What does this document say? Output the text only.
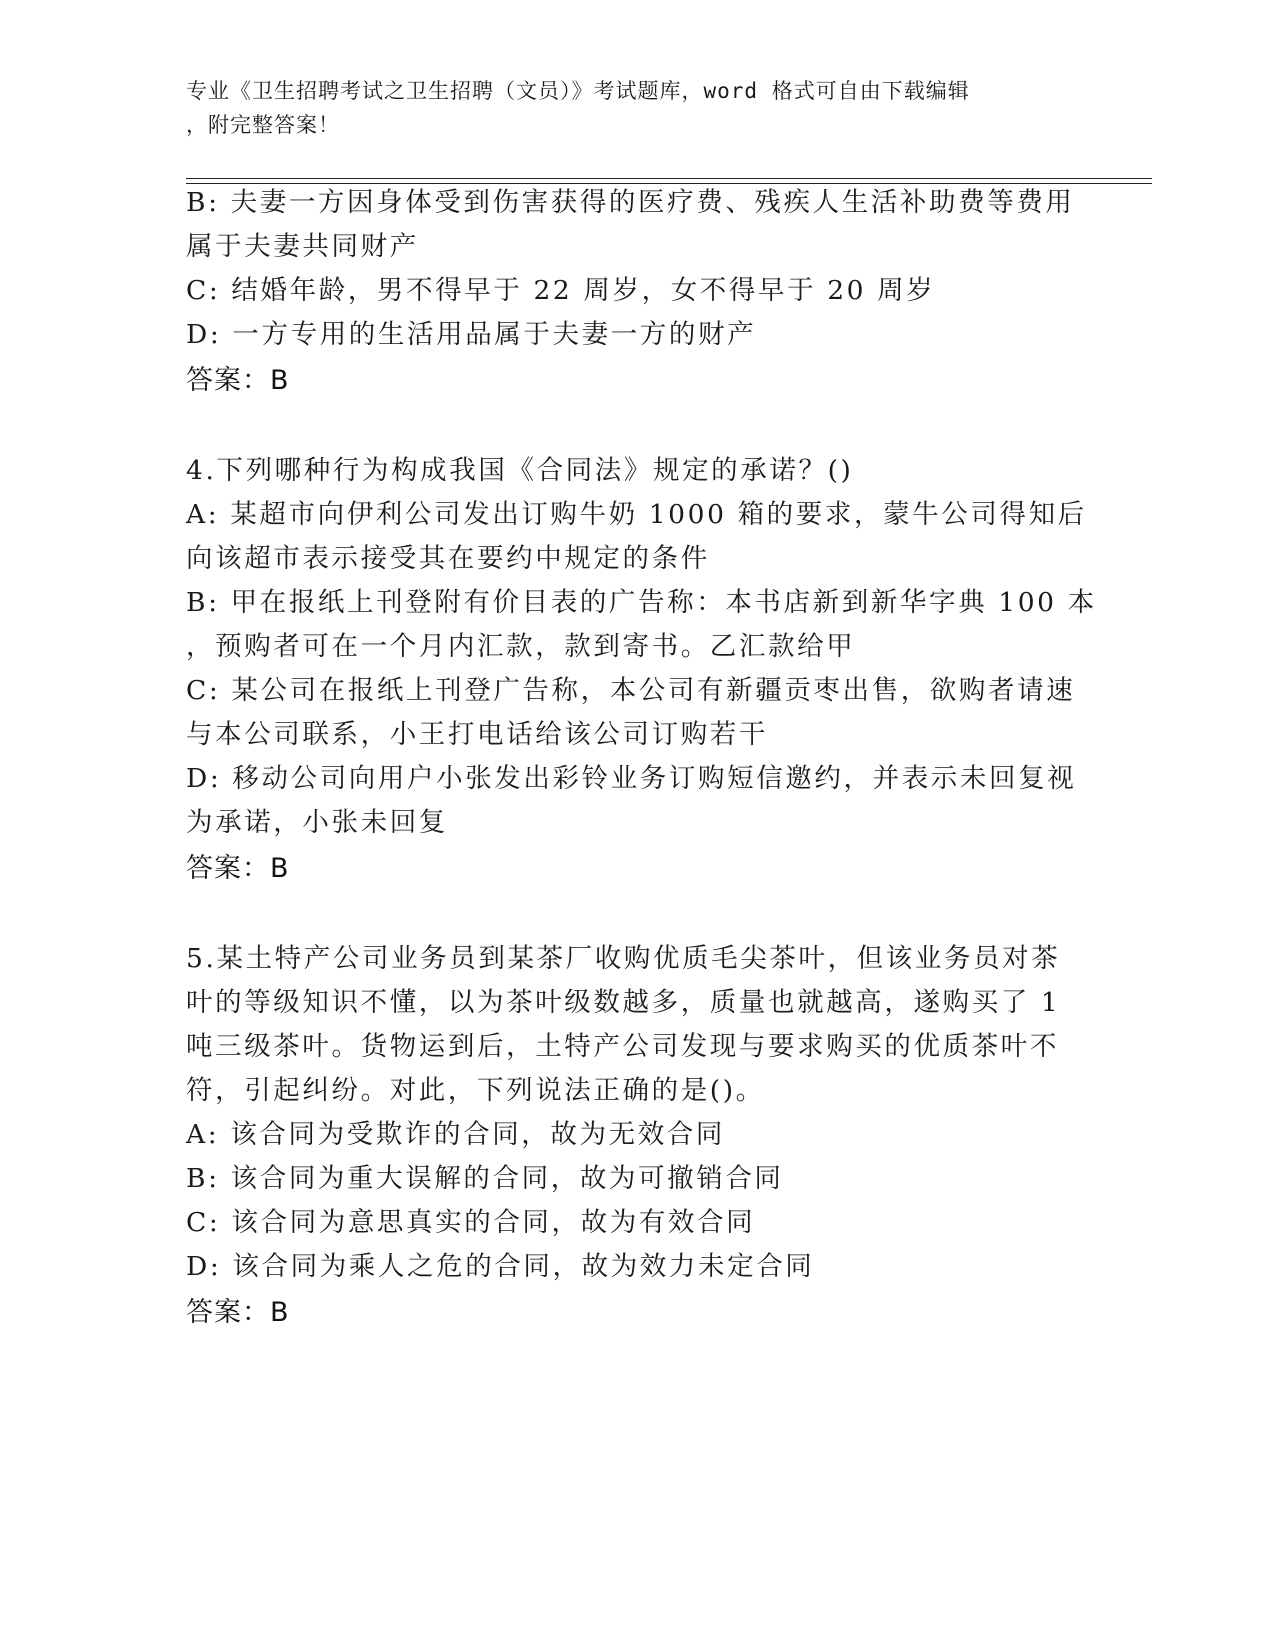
专业《卫生招聘考试之卫生招聘（文员）》考试题库，word 格式可自由下载编辑
，附完整答案！
B: 夫妻一方因身体受到伤害获得的医疗费、残疾人生活补助费等费用
属于夫妻共同财产
C: 结婚年龄，男不得早于 22 周岁，女不得早于 20 周岁
D: 一方专用的生活用品属于夫妻一方的财产
答案：B
4.下列哪种行为构成我国《合同法》规定的承诺？()
A: 某超市向伊利公司发出订购牛奶 1000 箱的要求，蒙牛公司得知后
向该超市表示接受其在要约中规定的条件
B: 甲在报纸上刊登附有价目表的广告称：本书店新到新华字典 100 本
，预购者可在一个月内汇款，款到寄书。乙汇款给甲
C: 某公司在报纸上刊登广告称，本公司有新疆贡枣出售，欲购者请速
与本公司联系，小王打电话给该公司订购若干
D: 移动公司向用户小张发出彩铃业务订购短信邀约，并表示未回复视
为承诺，小张未回复
答案：B
5.某土特产公司业务员到某茶厂收购优质毛尖茶叶，但该业务员对茶
叶的等级知识不懂，以为茶叶级数越多，质量也就越高，遂购买了 1
吨三级茶叶。货物运到后，土特产公司发现与要求购买的优质茶叶不
符，引起纠纷。对此，下列说法正确的是()。
A: 该合同为受欺诈的合同，故为无效合同
B: 该合同为重大误解的合同，故为可撤销合同
C: 该合同为意思真实的合同，故为有效合同
D: 该合同为乘人之危的合同，故为效力未定合同
答案：B
